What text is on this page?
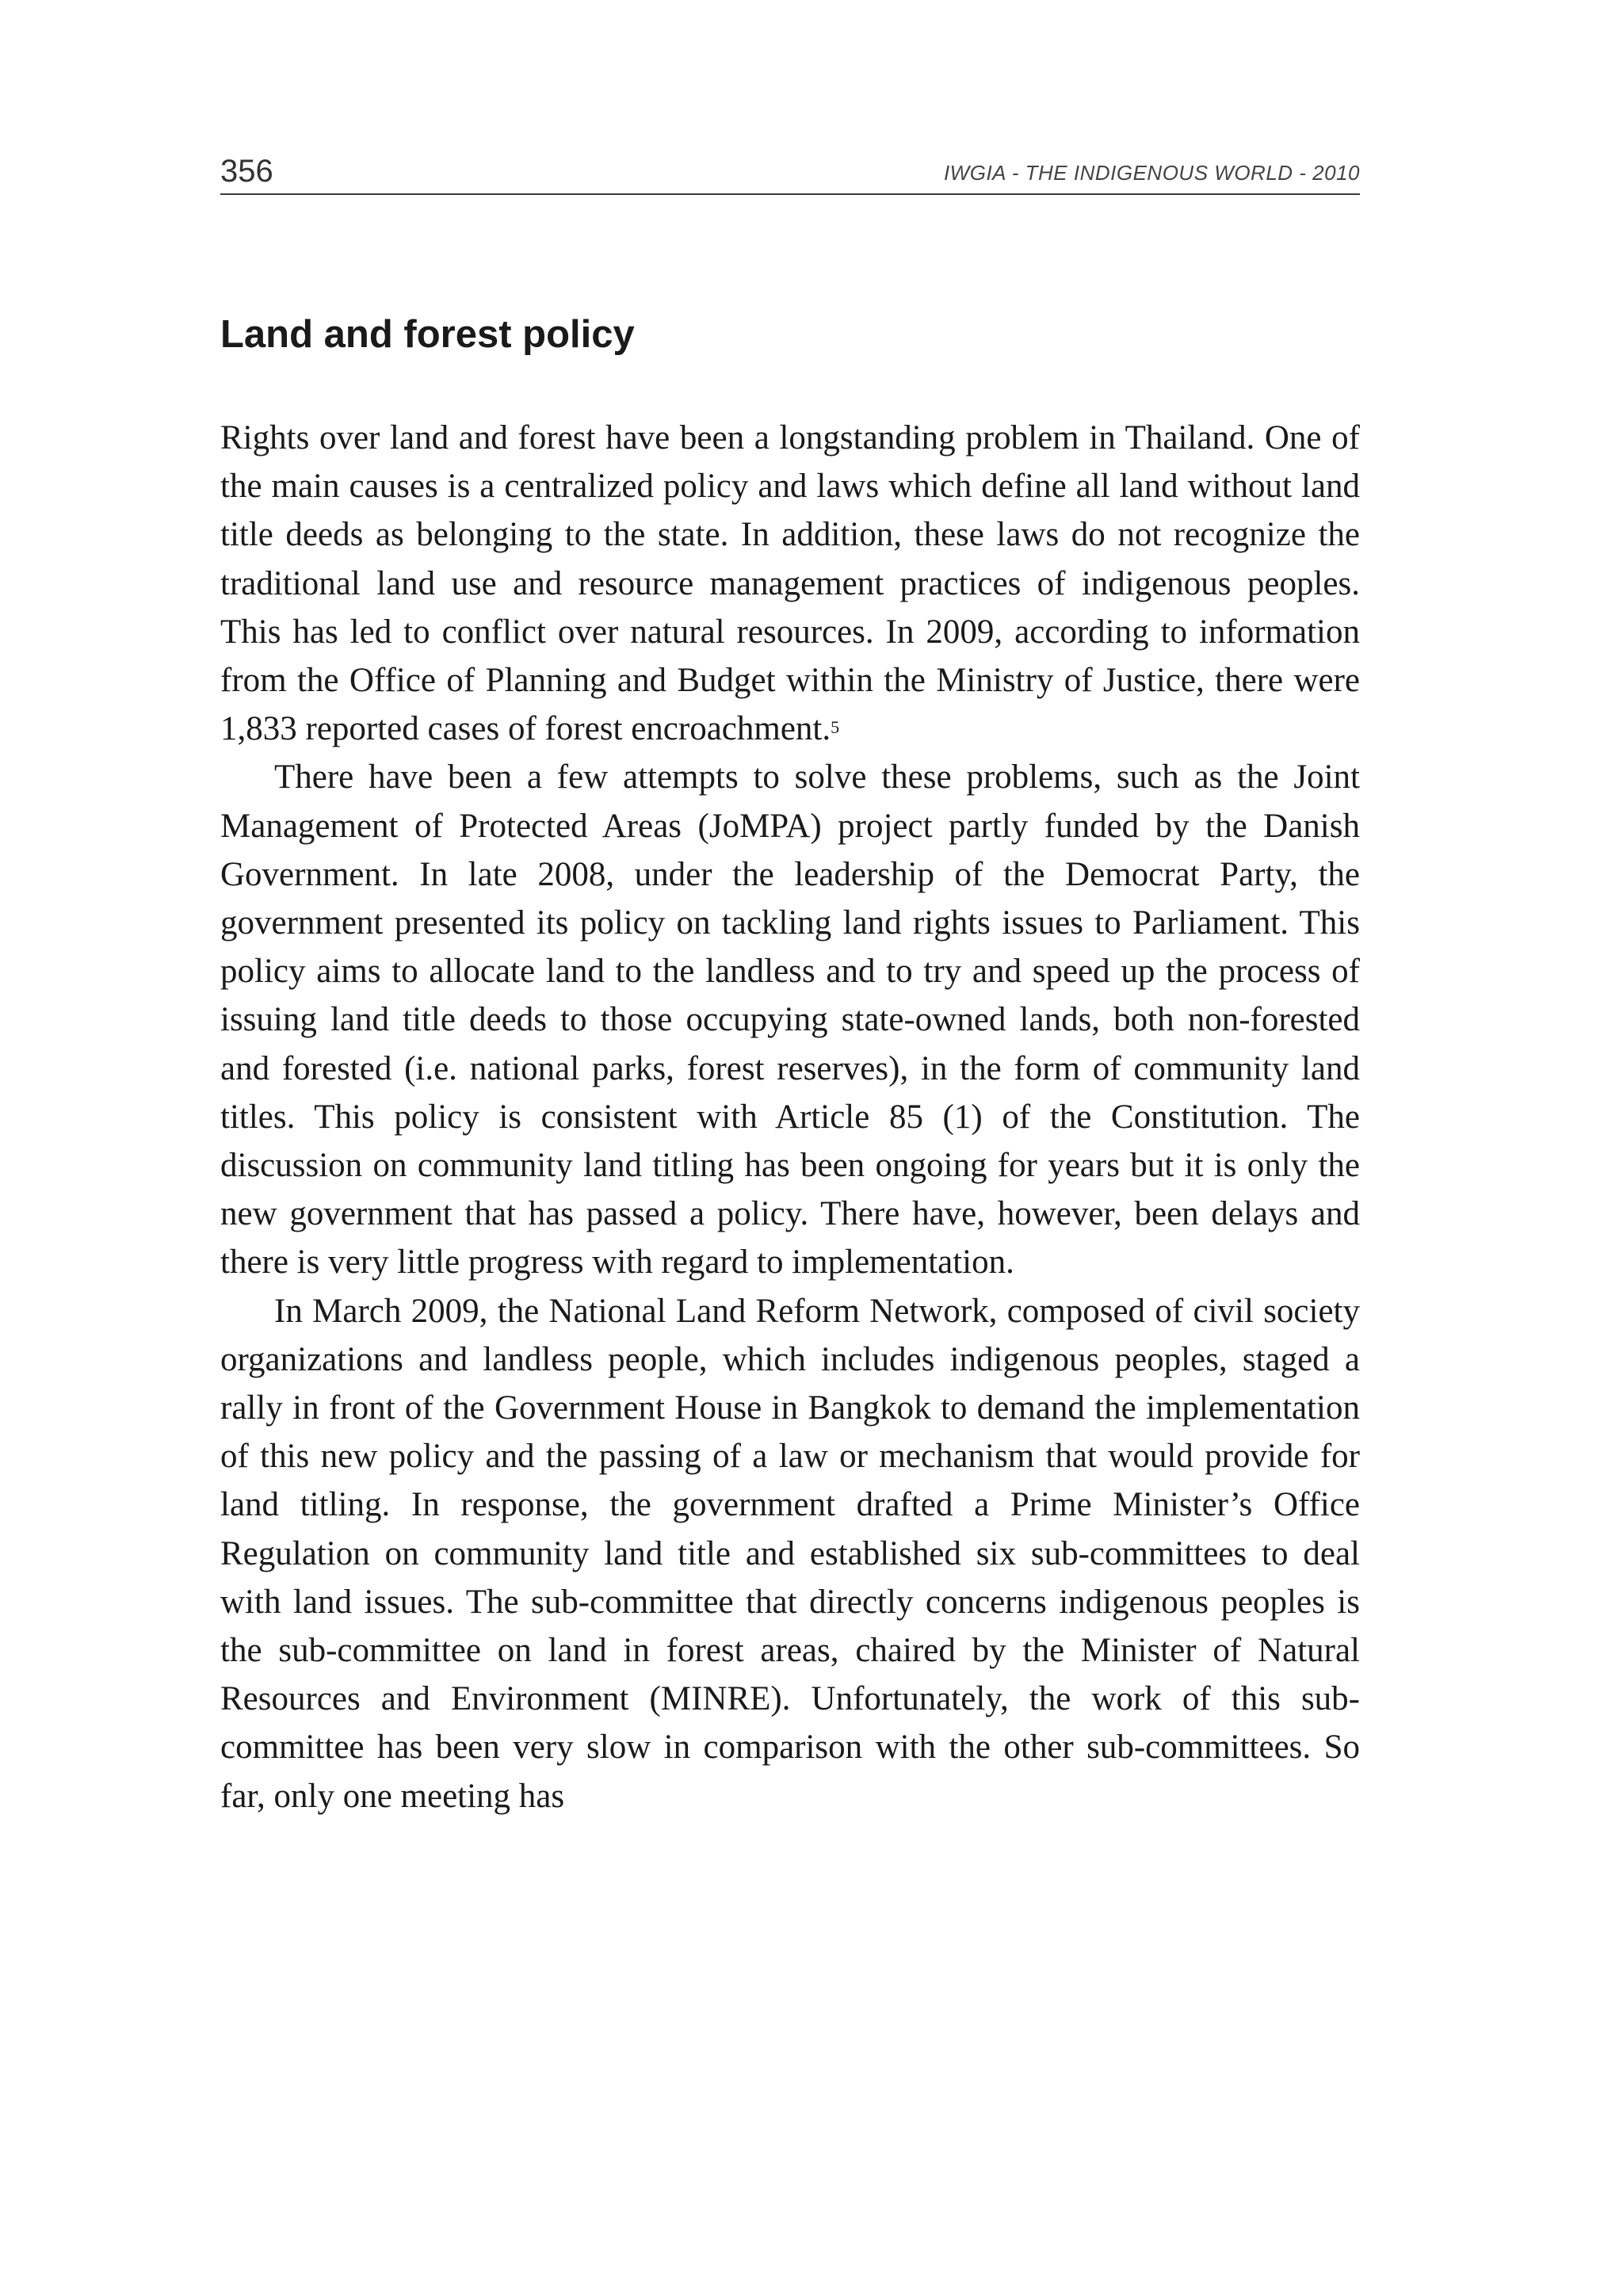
356	IWGIA - THE INDIGENOUS WORLD - 2010
Land and forest policy

Rights over land and forest have been a longstanding problem in Thailand. One of the main causes is a centralized policy and laws which define all land without land title deeds as belonging to the state. In addition, these laws do not recognize the traditional land use and resource management practices of indigenous peoples. This has led to conflict over natural resources. In 2009, according to information from the Office of Planning and Budget within the Ministry of Justice, there were 1,833 reported cases of forest encroachment.$^5$

There have been a few attempts to solve these problems, such as the Joint Management of Protected Areas (JoMPA) project partly funded by the Danish Government. In late 2008, under the leadership of the Democrat Party, the government presented its policy on tackling land rights issues to Parliament. This policy aims to allocate land to the landless and to try and speed up the process of issuing land title deeds to those occupying state-owned lands, both non-forested and forested (i.e. national parks, forest reserves), in the form of community land titles. This policy is consistent with Article 85 (1) of the Constitution. The discussion on community land titling has been ongoing for years but it is only the new government that has passed a policy. There have, however, been delays and there is very little progress with regard to implementation.

In March 2009, the National Land Reform Network, composed of civil society organizations and landless people, which includes indigenous peoples, staged a rally in front of the Government House in Bangkok to demand the implementation of this new policy and the passing of a law or mechanism that would provide for land titling. In response, the government drafted a Prime Minister’s Office Regulation on community land title and established six sub-committees to deal with land issues. The sub-committee that directly concerns indigenous peoples is the sub-committee on land in forest areas, chaired by the Minister of Natural Resources and Environment (MINRE). Unfortunately, the work of this sub-committee has been very slow in comparison with the other sub-committees. So far, only one meeting has
